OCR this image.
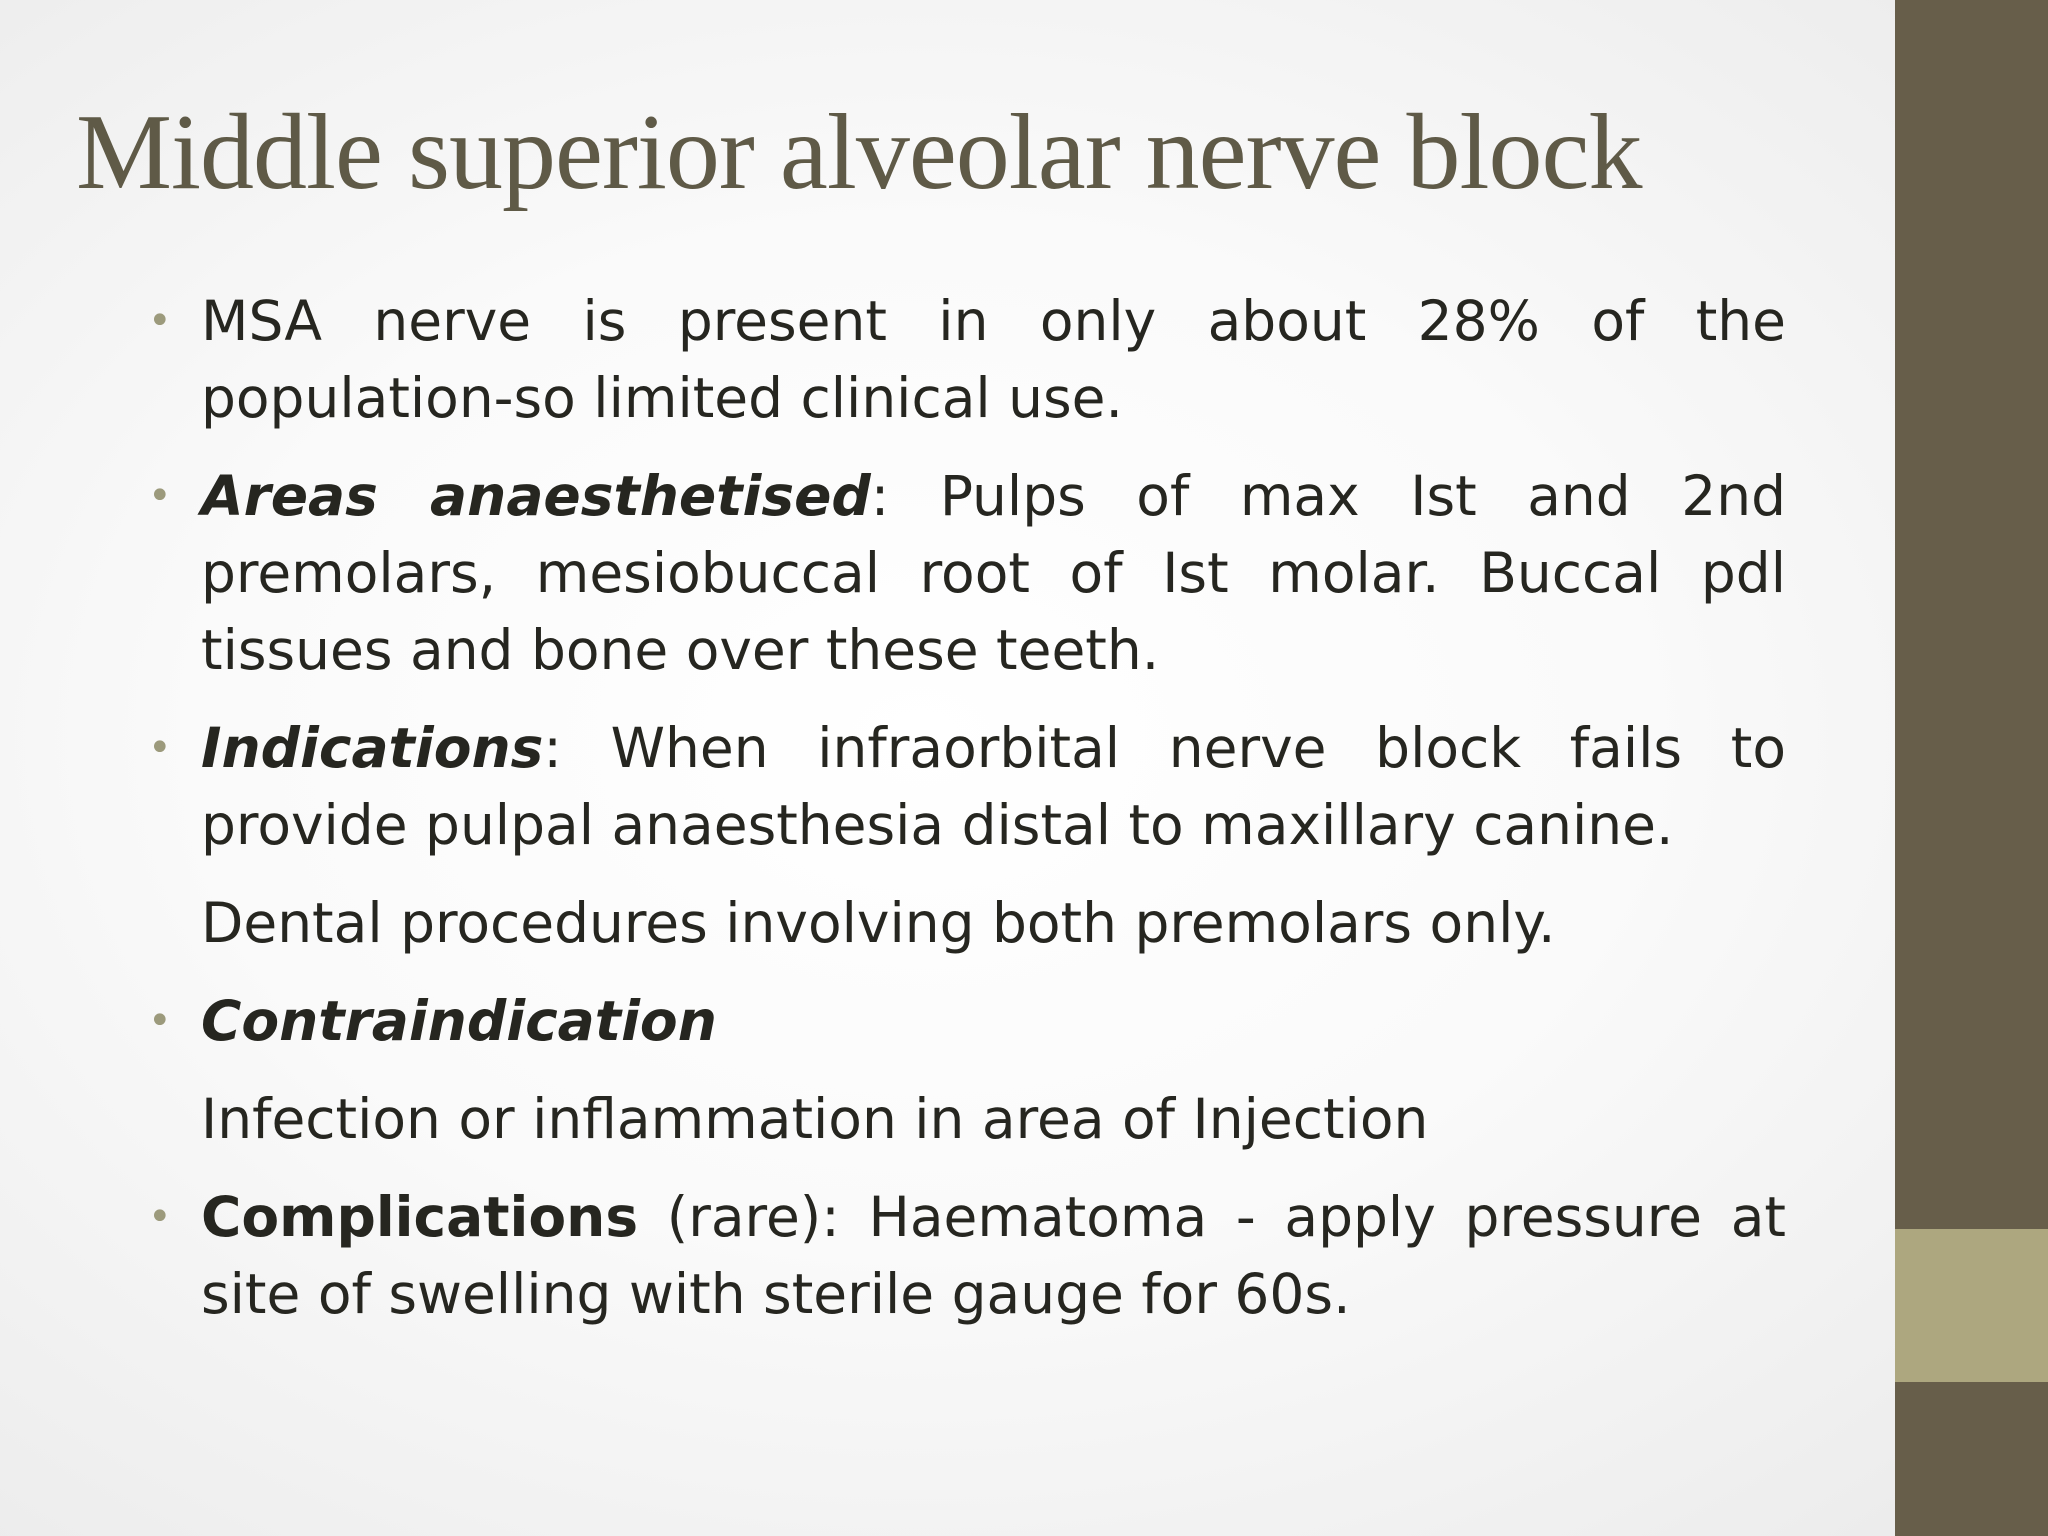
Middle superior alveolar nerve block
• MSA nerve is present in only about 28% of the population-so limited clinical use.
• Areas anaesthetised: Pulps of max Ist and 2nd premolars, mesiobuccal root of Ist molar. Buccal pdl tissues and bone over these teeth.
• Indications: When infraorbital nerve block fails to provide pulpal anaesthesia distal to maxillary canine.
Dental procedures involving both premolars only.
• Contraindication
Infection or inflammation in area of Injection
• Complications (rare): Haematoma - apply pressure at site of swelling with sterile gauge for 60s.
